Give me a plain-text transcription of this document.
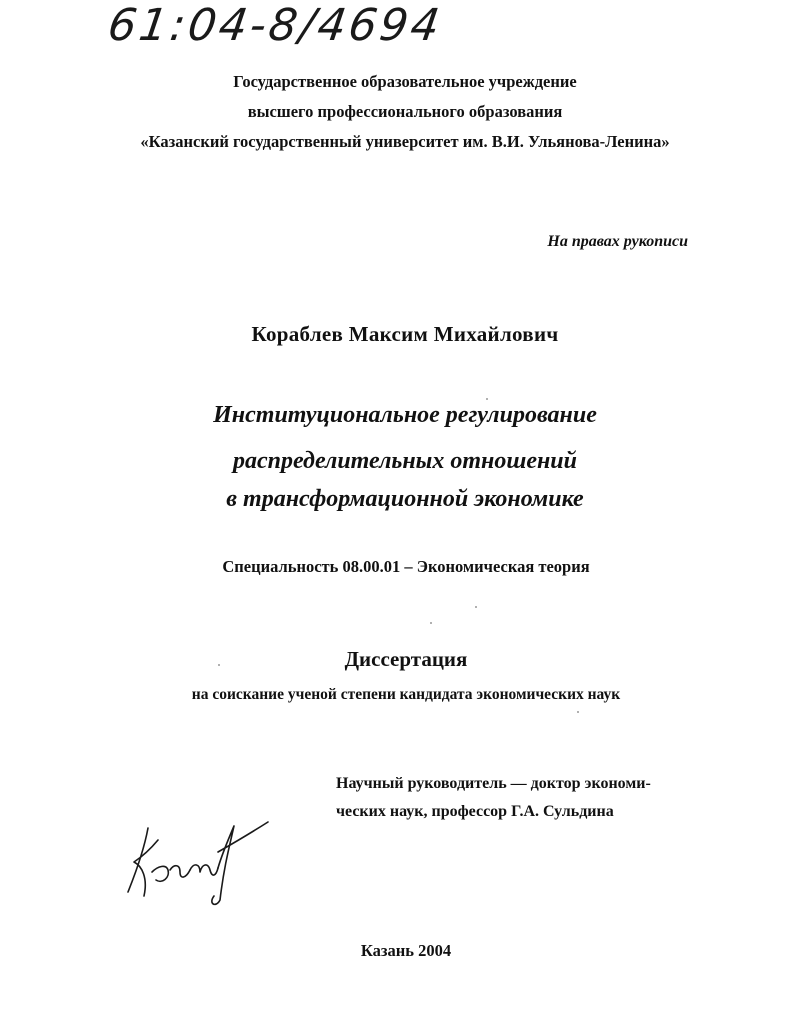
61:04-8/4694
Государственное образовательное учреждение
высшего профессионального образования
«Казанский государственный университет им. В.И. Ульянова-Ленина»
На правах рукописи
Кораблев Максим Михайлович
Институциональное регулирование
распределительных отношений
в трансформационной экономике
Специальность 08.00.01 – Экономическая теория
Диссертация
на соискание ученой степени кандидата экономических наук
Научный руководитель — доктор экономи-
ческих наук, профессор Г.А. Сульдина
Казань 2004
